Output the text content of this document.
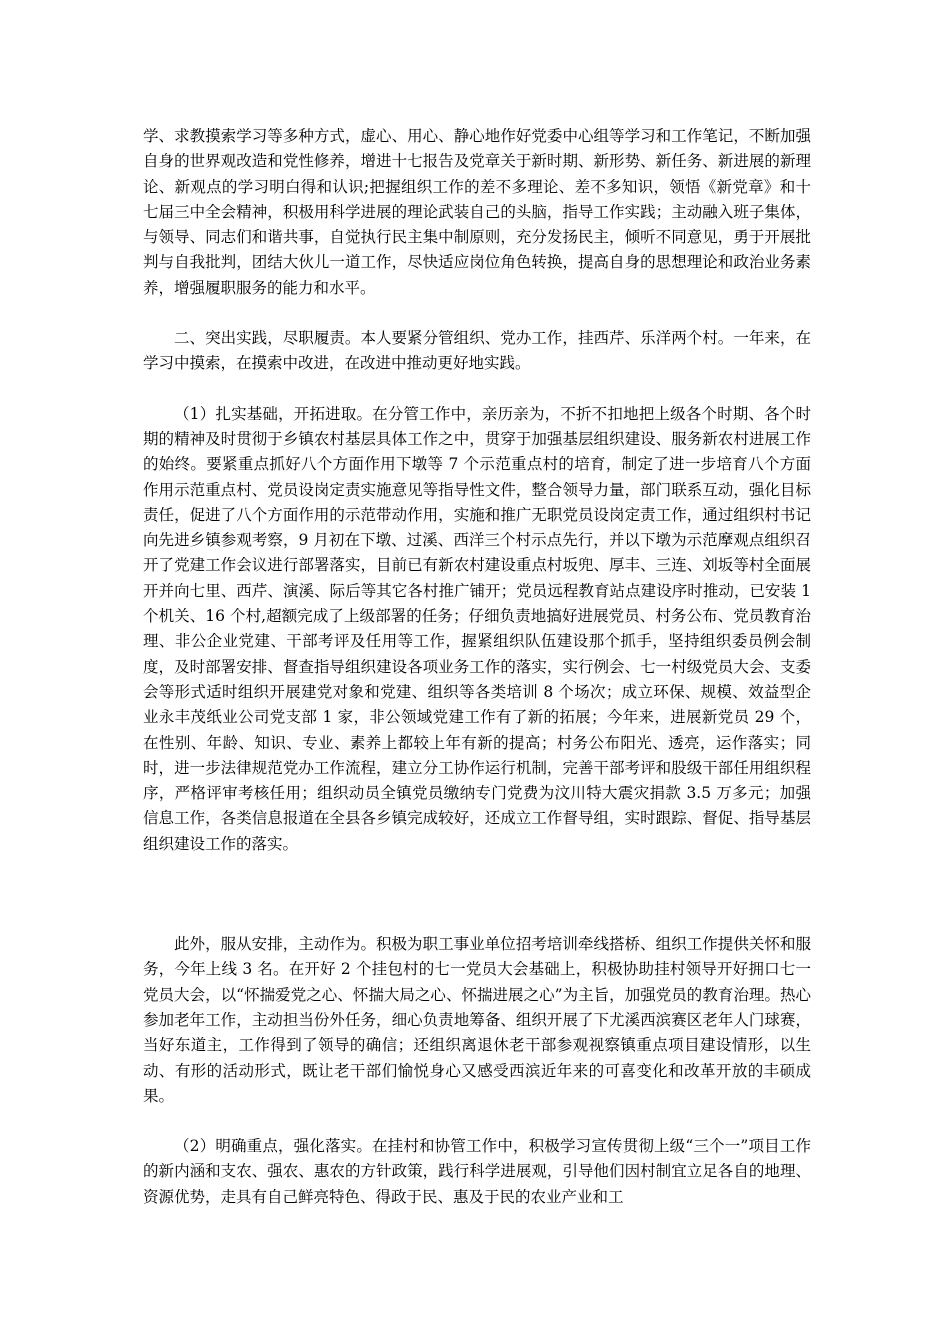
学、求教摸索学习等多种方式，虚心、用心、静心地作好党委中心组等学习和工作笔记，不断加强自身的世界观改造和党性修养，增进十七报告及党章关于新时期、新形势、新任务、新进展的新理论、新观点的学习明白得和认识;把握组织工作的差不多理论、差不多知识，领悟《新党章》和十七届三中全会精神，积极用科学进展的理论武装自己的头脑，指导工作实践；主动融入班子集体，与领导、同志们和谐共事，自觉执行民主集中制原则，充分发扬民主，倾听不同意见，勇于开展批判与自我批判，团结大伙儿一道工作，尽快适应岗位角色转换，提高自身的思想理论和政治业务素养，增强履职服务的能力和水平。

二、突出实践，尽职履责。本人要紧分管组织、党办工作，挂西芹、乐洋两个村。一年来，在学习中摸索，在摸索中改进，在改进中推动更好地实践。

（1）扎实基础，开拓进取。在分管工作中，亲历亲为，不折不扣地把上级各个时期、各个时期的精神及时贯彻于乡镇农村基层具体工作之中，贯穿于加强基层组织建设、服务新农村进展工作的始终。要紧重点抓好八个方面作用下墩等 7 个示范重点村的培育，制定了进一步培育八个方面作用示范重点村、党员设岗定责实施意见等指导性文件，整合领导力量，部门联系互动，强化目标责任，促进了八个方面作用的示范带动作用，实施和推广无职党员设岗定责工作，通过组织村书记向先进乡镇参观考察，9 月初在下墩、过溪、西洋三个村示点先行，并以下墩为示范摩观点组织召开了党建工作会议进行部署落实，目前已有新农村建设重点村坂兜、厚丰、三连、刘坂等村全面展开并向七里、西芹、演溪、际后等其它各村推广铺开；党员远程教育站点建设序时推动，已安装 1 个机关、16 个村,超额完成了上级部署的任务；仔细负责地搞好进展党员、村务公布、党员教育治理、非公企业党建、干部考评及任用等工作，握紧组织队伍建设那个抓手，坚持组织委员例会制度，及时部署安排、督查指导组织建设各项业务工作的落实，实行例会、七一村级党员大会、支委会等形式适时组织开展建党对象和党建、组织等各类培训 8 个场次；成立环保、规模、效益型企业永丰茂纸业公司党支部 1 家，非公领域党建工作有了新的拓展；今年来，进展新党员 29 个，在性别、年龄、知识、专业、素养上都较上年有新的提高；村务公布阳光、透亮，运作落实；同时，进一步法律规范党办工作流程，建立分工协作运行机制，完善干部考评和股级干部任用组织程序，严格评审考核任用；组织动员全镇党员缴纳专门党费为汶川特大震灾捐款 3.5 万多元；加强信息工作，各类信息报道在全县各乡镇完成较好，还成立工作督导组，实时跟踪、督促、指导基层组织建设工作的落实。

此外，服从安排，主动作为。积极为职工事业单位招考培训牵线搭桥、组织工作提供关怀和服务，今年上线 3 名。在开好 2 个挂包村的七一党员大会基础上，积极协助挂村领导开好拥口七一党员大会，以“怀揣爱党之心、怀揣大局之心、怀揣进展之心”为主旨，加强党员的教育治理。热心参加老年工作，主动担当份外任务，细心负责地筹备、组织开展了下尤溪西滨赛区老年人门球赛，当好东道主，工作得到了领导的确信；还组织离退休老干部参观视察镇重点项目建设情形，以生动、有形的活动形式，既让老干部们愉悦身心又感受西滨近年来的可喜变化和改革开放的丰硕成果。

（2）明确重点，强化落实。在挂村和协管工作中，积极学习宣传贯彻上级“三个一”项目工作的新内涵和支农、强农、惠农的方针政策，践行科学进展观，引导他们因村制宜立足各自的地理、资源优势，走具有自己鲜亮特色、得政于民、惠及于民的农业产业和工
